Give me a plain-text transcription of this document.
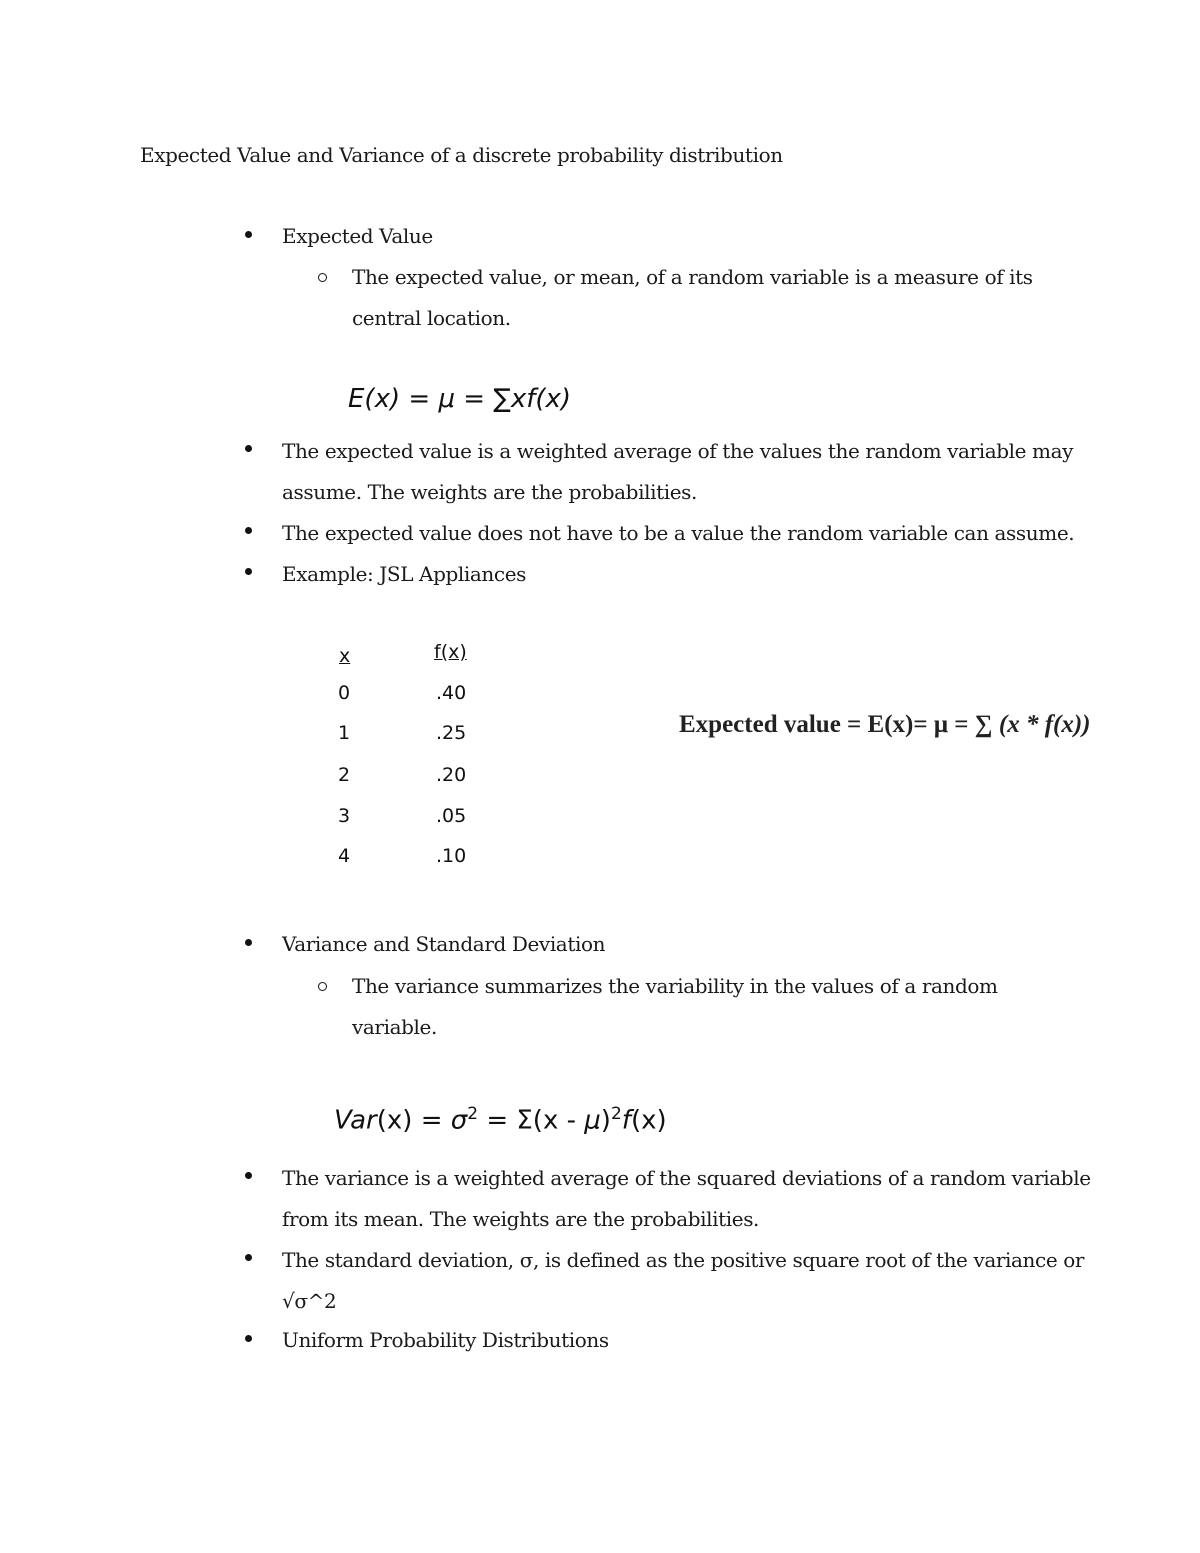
Expected Value and Variance of a discrete probability distribution
Expected Value
The expected value, or mean, of a random variable is a measure of its
central location.
E(x) = μ = ∑xf(x)
The expected value is a weighted average of the values the random variable may
assume. The weights are the probabilities.
The expected value does not have to be a value the random variable can assume.
Example: JSL Appliances
x	f(x)
0	.40
1	.25
2	.20
3	.05
4	.10
Expected value = E(x)= μ = ∑ (x * f(x))
Variance and Standard Deviation
The variance summarizes the variability in the values of a random
variable.
$Var(x) = \sigma^2 = \Sigma(x - \mu)^2f(x)$
The variance is a weighted average of the squared deviations of a random variable
from its mean. The weights are the probabilities.
The standard deviation, σ, is defined as the positive square root of the variance or
√σ^2
Uniform Probability Distributions
